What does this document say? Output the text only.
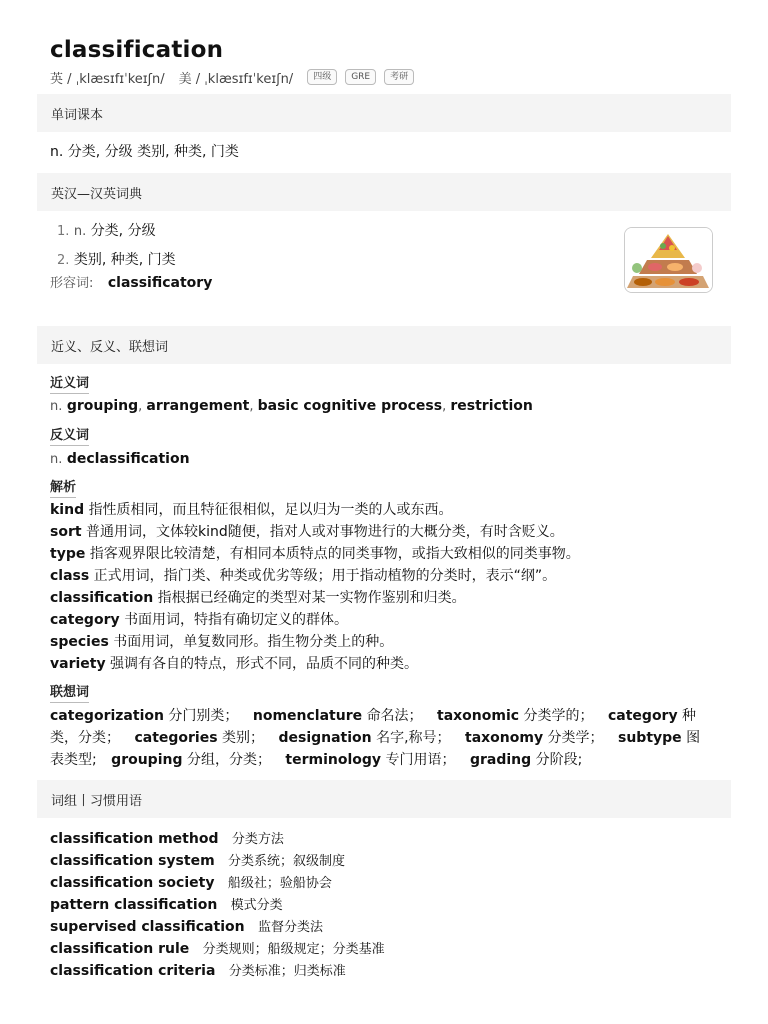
classification
英 / ˌklæsɪfɪˈkeɪʃn/ 美 / ˌklæsɪfɪˈkeɪʃn/	四级	GRE	考研
单词课本
n. 分类, 分级 类别, 种类, 门类
英汉—汉英词典
1. n. 分类, 分级
2. 类别, 种类, 门类
形容词: classificatory
近义、反义、联想词
近义词
n. grouping, arrangement, basic cognitive process, restriction
反义词
n. declassification
解析
kind 指性质相同，而且特征很相似，足以归为一类的人或东西。
sort 普通用词，文体较kind随便，指对人或对事物进行的大概分类，有时含贬义。
type 指客观界限比较清楚，有相同本质特点的同类事物，或指大致相似的同类事物。
class 正式用词，指门类、种类或优劣等级；用于指动植物的分类时，表示“纲”。
classification 指根据已经确定的类型对某一实物作鉴别和归类。
category 书面用词，特指有确切定义的群体。
species 书面用词，单复数同形。指生物分类上的种。
variety 强调有各自的特点，形式不同，品质不同的种类。
联想词
categorization 分门别类； nomenclature 命名法； taxonomic 分类学的； category 种类，分类； categories 类别； designation 名字,称号； taxonomy 分类学； subtype 图表类型; grouping 分组，分类； terminology 专门用语； grading 分阶段;
词组丨习惯用语
classification method 分类方法
classification system 分类系统；叙级制度
classification society 船级社；验船协会
pattern classification 模式分类
supervised classification 监督分类法
classification rule 分类规则；船级规定；分类基准
classification criteria 分类标准；归类标准
